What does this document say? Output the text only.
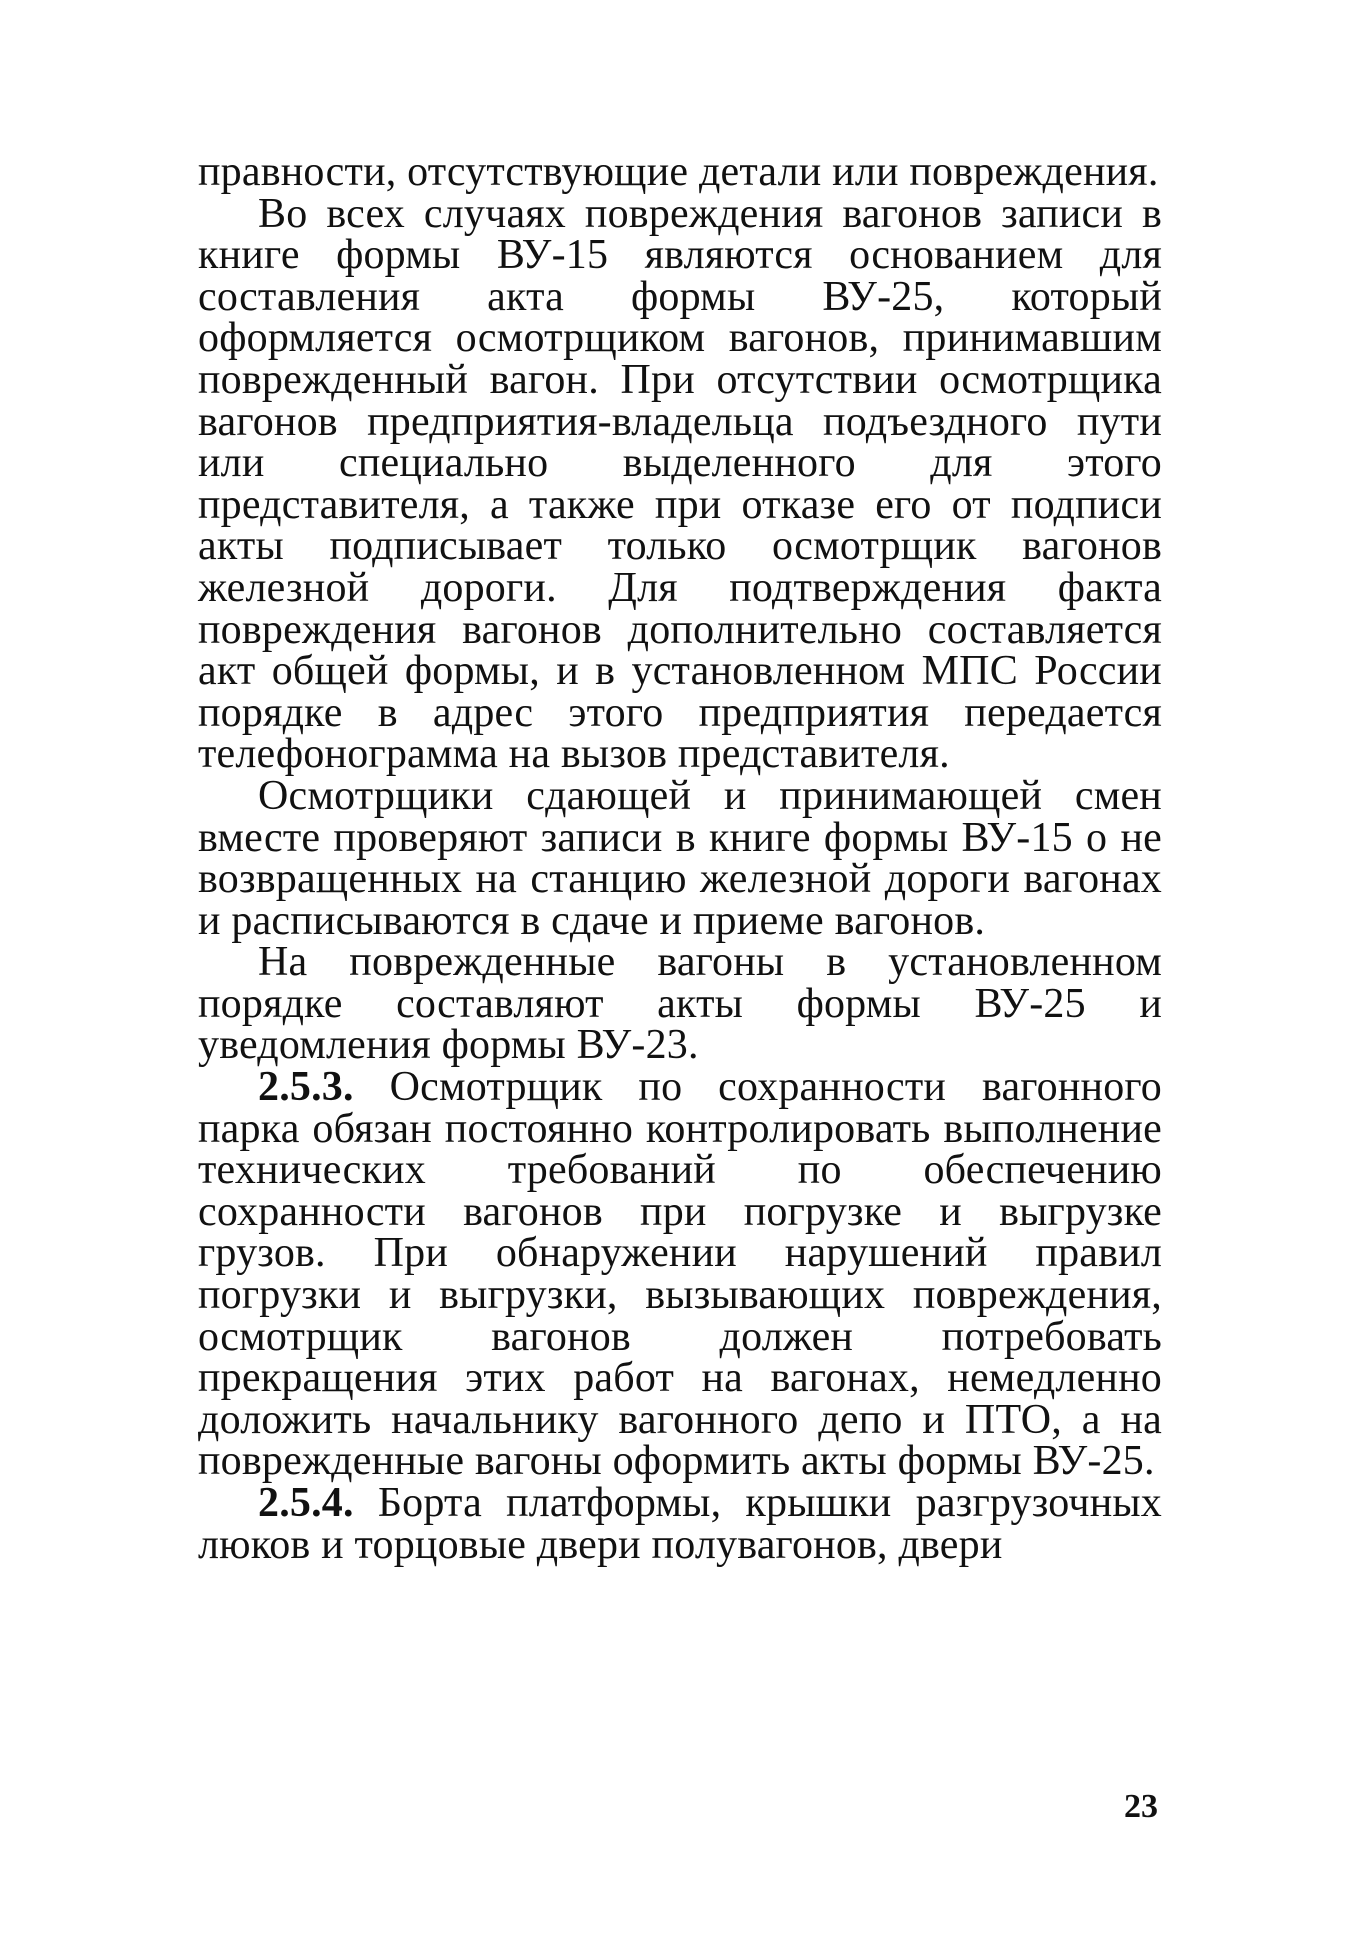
правности, отсутствующие детали или повреждения.

Во всех случаях повреждения вагонов записи в книге формы ВУ-15 являются основанием для составления акта формы ВУ-25, который оформляется осмотрщиком вагонов, принимавшим поврежденный вагон. При отсутствии осмотрщика вагонов предприятия-владельца подъездного пути или специально выделенного для этого представителя, а также при отказе его от подписи акты подписывает только осмотрщик вагонов железной дороги. Для подтверждения факта повреждения вагонов дополнительно составляется акт общей формы, и в установленном МПС России порядке в адрес этого предприятия передается телефонограмма на вызов представителя.

Осмотрщики сдающей и принимающей смен вместе проверяют записи в книге формы ВУ-15 о не возвращенных на станцию железной дороги вагонах и расписываются в сдаче и приеме вагонов.

На поврежденные вагоны в установленном порядке составляют акты формы ВУ-25 и уведомления формы ВУ-23.

2.5.3. Осмотрщик по сохранности вагонного парка обязан постоянно контролировать выполнение технических требований по обеспечению сохранности вагонов при погрузке и выгрузке грузов. При обнаружении нарушений правил погрузки и выгрузки, вызывающих повреждения, осмотрщик вагонов должен потребовать прекращения этих работ на вагонах, немедленно доложить начальнику вагонного депо и ПТО, а на поврежденные вагоны оформить акты формы ВУ-25.

2.5.4. Борта платформы, крышки разгрузочных люков и торцовые двери полувагонов, двери

23
